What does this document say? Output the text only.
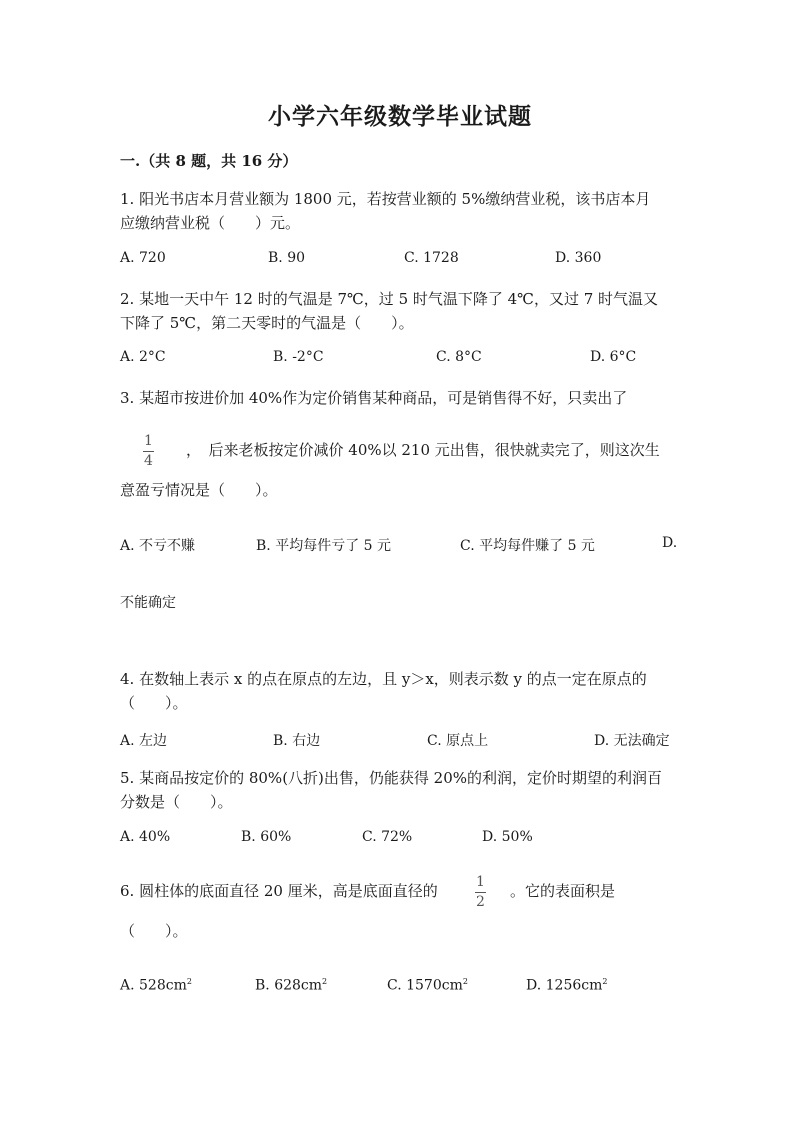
小学六年级数学毕业试题
一.（共 8 题，共 16 分）
1. 阳光书店本月营业额为 1800 元，若按营业额的 5%缴纳营业税，该书店本月
应缴纳营业税（　　）元。
A. 720	B. 90	C. 1728	D. 360
2. 某地一天中午 12 时的气温是 7℃，过 5 时气温下降了 4℃，又过 7 时气温又
下降了 5℃，第二天零时的气温是（　　）。
A. 2°C	B. -2°C	C. 8°C	D. 6°C
3. 某超市按进价加 40%作为定价销售某种商品，可是销售得不好，只卖出了
1
4
，　后来老板按定价减价 40%以 210 元出售，很快就卖完了，则这次生
意盈亏情况是（　　）。
A. 不亏不赚	B. 平均每件亏了 5 元	C. 平均每件赚了 5 元	D.
不能确定
4. 在数轴上表示 x 的点在原点的左边，且 y＞x，则表示数 y 的点一定在原点的
（　　）。
A. 左边	B. 右边	C. 原点上	D. 无法确定
5. 某商品按定价的 80%(八折)出售，仍能获得 20%的利润，定价时期望的利润百
分数是（　　）。
A. 40%	B. 60%	C. 72%	D. 50%
6. 圆柱体的底面直径 20 厘米，高是底面直径的	1
2
。它的表面积是
（　　）。
A. $528cm^2$	B. $628cm^2$	C. $1570cm^2$	D. $1256cm^2$
